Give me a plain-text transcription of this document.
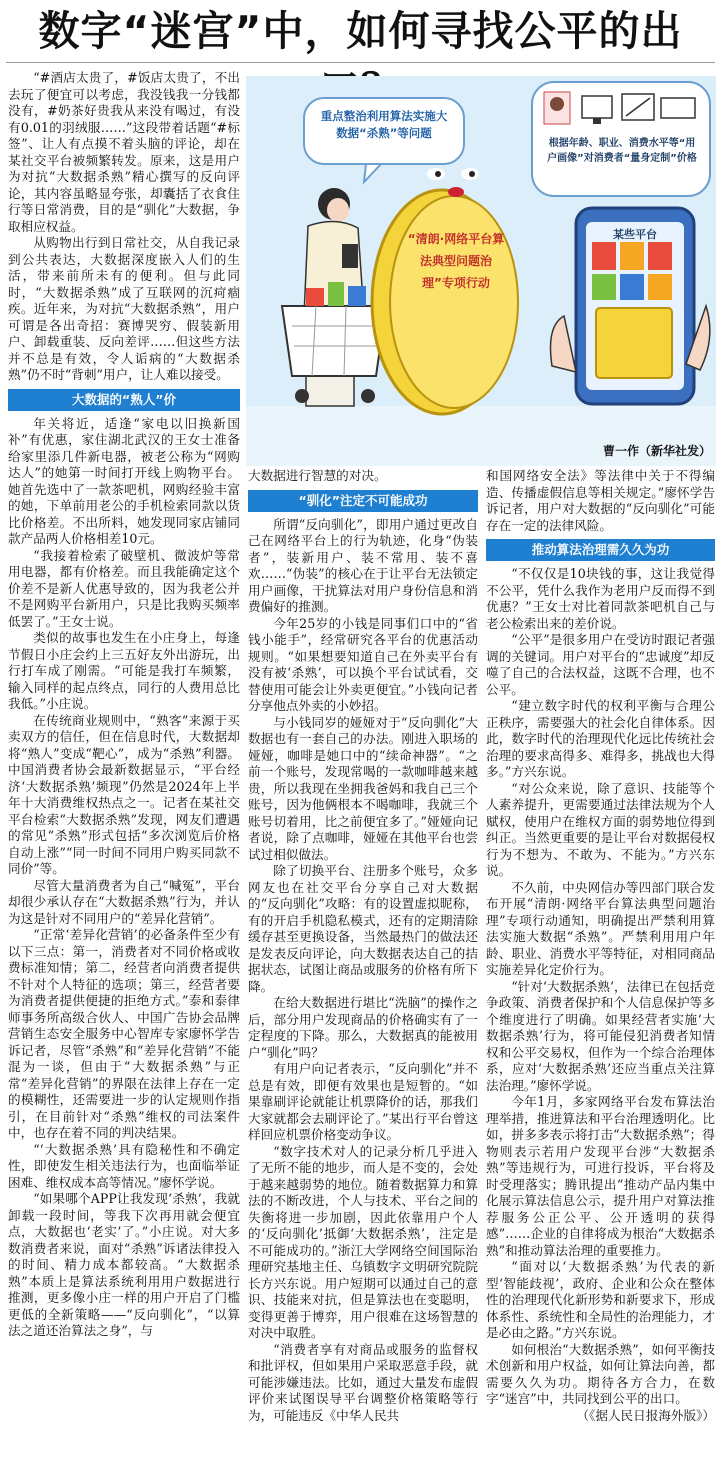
数字“迷宫”中，如何寻找公平的出
重点整治利用算法实施大数据“杀熟”等问题
根据年龄、职业、消费水平等“用户画像”对消费者“量身定制”价格
“清朗·网络平台算法典型问题治理”专项行动
某些平台
曹一作（新华社发）

“#酒店太贵了，#饭店太贵了，不出去玩了便宜可以考虑，我没钱我一分钱都没有，#奶茶好贵我从来没有喝过，有没有0.01的羽绒服……”这段带着话题“#标签”、让人有点摸不着头脑的评论，却在某社交平台被频繁转发。原来，这是用户为对抗“大数据杀熟”精心撰写的反向评论，其内容虽略显夸张，却囊括了衣食住行等日常消费，目的是“驯化”大数据，争取相应权益。

从购物出行到日常社交，从自我记录到公共表达，大数据深度嵌入人们的生活，带来前所未有的便利。但与此同时，“大数据杀熟”成了互联网的沉疴痼疾。近年来，为对抗“大数据杀熟”，用户可谓是各出奇招：赛博哭穷、假装新用户、卸载重装、反向差评……但这些方法并不总是有效，令人诟病的“大数据杀熟”仍不时“背刺”用户，让人难以接受。

大数据的“熟人”价

年关将近，适逢“家电以旧换新国补”有优惠，家住湖北武汉的王女士准备给家里添几件新电器，被老公称为“网购达人”的她第一时间打开线上购物平台。她首先选中了一款茶吧机，网购经验丰富的她，下单前用老公的手机检索同款以货比价格差。不出所料，她发现同家店铺同款产品两人价格相差10元。

“我接着检索了破壁机、微波炉等常用电器，都有价格差。而且我能确定这个价差不是新人优惠导致的，因为我老公并不是网购平台新用户，只是比我购买频率低罢了。”王女士说。

类似的故事也发生在小庄身上，每逢节假日小庄会约上三五好友外出游玩，出行打车成了刚需。“可能是我打车频繁，输入同样的起点终点，同行的人费用总比我低。”小庄说。

在传统商业规则中，“熟客”来源于买卖双方的信任，但在信息时代，大数据却将“熟人”变成“靶心”，成为“杀熟”利器。中国消费者协会最新数据显示，“平台经济‘大数据杀熟’频现”仍然是2024年上半年十大消费维权热点之一。记者在某社交平台检索“大数据杀熟”发现，网友们遭遇的常见“杀熟”形式包括“多次浏览后价格自动上涨”“同一时间不同用户购买同款不同价”等。

尽管大量消费者为自己“喊冤”，平台却很少承认存在“大数据杀熟”行为，并认为这是针对不同用户的“差异化营销”。

“正常‘差异化营销’的必备条件至少有以下三点：第一，消费者对不同价格或收费标准知情；第二，经营者向消费者提供不针对个人特征的选项；第三，经营者要为消费者提供便捷的拒绝方式。”泰和泰律师事务所高级合伙人、中国广告协会品牌营销生态安全服务中心智库专家廖怀学告诉记者，尽管“杀熟”和“差异化营销”不能混为一谈，但由于“大数据杀熟”与正常“差异化营销”的界限在法律上存在一定的模糊性，还需要进一步的认定规则作指引，在目前针对“杀熟”维权的司法案件中，也存在着不同的判决结果。

“‘大数据杀熟’具有隐秘性和不确定性，即使发生相关违法行为，也面临举证困难、维权成本高等情况。”廖怀学说。

“如果哪个APP让我发现‘杀熟’，我就卸载一段时间，等我下次再用就会便宜点，大数据也‘老实’了。”小庄说。对大多数消费者来说，面对“杀熟”诉诸法律投入的时间、精力成本都较高。“大数据杀熟”本质上是算法系统利用用户数据进行推测，更多像小庄一样的用户开启了门槛更低的全新策略——“反向驯化”，“以算法之道还治算法之身”，与

大数据进行智慧的对决。
“驯化”注定不可能成功

所谓“反向驯化”，即用户通过更改自己在网络平台上的行为轨迹，化身“伪装者”，装新用户、装不常用、装不喜欢……“伪装”的核心在于让平台无法锁定用户画像，干扰算法对用户身份信息和消费偏好的推测。

今年25岁的小钱是同事们口中的“省钱小能手”，经常研究各平台的优惠活动规则。“如果想要知道自己在外卖平台有没有被‘杀熟’，可以换个平台试试看，交替使用可能会让外卖更便宜。”小钱向记者分享他点外卖的小妙招。

与小钱同岁的娅娅对于“反向驯化”大数据也有一套自己的办法。刚进入职场的娅娅，咖啡是她口中的“续命神器”。“之前一个账号，发现常喝的一款咖啡越来越贵，所以我现在坐拥我爸妈和我自己三个账号，因为他俩根本不喝咖啡，我就三个账号切着用，比之前便宜多了。”娅娅向记者说，除了点咖啡，娅娅在其他平台也尝试过相似做法。

除了切换平台、注册多个账号，众多网友也在社交平台分享自己对大数据的“反向驯化”攻略：有的设置虚拟昵称，有的开启手机隐私模式，还有的定期清除缓存甚至更换设备，当然最热门的做法还是发表反向评论，向大数据表达自己的拮据状态，试图让商品或服务的价格有所下降。

在给大数据进行堪比“洗脑”的操作之后，部分用户发现商品的价格确实有了一定程度的下降。那么，大数据真的能被用户“驯化”吗？

有用户向记者表示，“反向驯化”并不总是有效，即便有效果也是短暂的。“如果靠刷评论就能让机票降价的话，那我们大家就都会去刷评论了。”某出行平台曾这样回应机票价格变动争议。

“数字技术对人的记录分析几乎进入了无所不能的地步，而人是不变的，会处于越来越弱势的地位。随着数据算力和算法的不断改进，个人与技术、平台之间的失衡将进一步加剧，因此依靠用户个人的‘反向驯化’抵御‘大数据杀熟’，注定是不可能成功的。”浙江大学网络空间国际治理研究基地主任、乌镇数字文明研究院院长方兴东说。用户短期可以通过自己的意识、技能来对抗，但是算法也在变聪明，变得更善于博弈，用户很难在这场智慧的对决中取胜。

“消费者享有对商品或服务的监督权和批评权，但如果用户采取恶意手段，就可能涉嫌违法。比如，通过大量发布虚假评价来试图误导平台调整价格策略等行为，可能违反《中华人民共

和国网络安全法》等法律中关于不得编造、传播虚假信息等相关规定。”廖怀学告诉记者，用户对大数据的“反向驯化”可能存在一定的法律风险。
推动算法治理需久久为功

“不仅仅是10块钱的事，这让我觉得不公平，凭什么我作为老用户反而得不到优惠？”王女士对比着同款茶吧机自己与老公检索出来的差价说。

“公平”是很多用户在受访时跟记者强调的关键词。用户对平台的“忠诚度”却反噬了自己的合法权益，这既不合理，也不公平。

“建立数字时代的权利平衡与合理公正秩序，需要强大的社会化自律体系。因此，数字时代的治理现代化远比传统社会治理的要求高得多、难得多，挑战也大得多。”方兴东说。

“对公众来说，除了意识、技能等个人素养提升，更需要通过法律法规为个人赋权，使用户在维权方面的弱势地位得到纠正。当然更重要的是让平台对数据侵权行为不想为、不敢为、不能为。”方兴东说。

不久前，中央网信办等四部门联合发布开展“清朗·网络平台算法典型问题治理”专项行动通知，明确提出严禁利用算法实施大数据“杀熟”。严禁利用用户年龄、职业、消费水平等特征，对相同商品实施差异化定价行为。

“针对‘大数据杀熟’，法律已在包括竞争政策、消费者保护和个人信息保护等多个维度进行了明确。如果经营者实施‘大数据杀熟’行为，将可能侵犯消费者知情权和公平交易权，但作为一个综合治理体系，应对‘大数据杀熟’还应当重点关注算法治理。”廖怀学说。

今年1月，多家网络平台发布算法治理举措，推进算法和平台治理透明化。比如，拼多多表示将打击“大数据杀熟”；得物则表示若用户发现平台涉“大数据杀熟”等违规行为，可进行投诉，平台将及时受理落实；腾讯提出“推动产品内集中化展示算法信息公示，提升用户对算法推荐服务公正公平、公开透明的获得感”……企业的自律将成为根治“大数据杀熟”和推动算法治理的重要推力。

“面对以‘大数据杀熟’为代表的新型‘智能歧视’，政府、企业和公众在整体性的治理现代化新形势和新要求下，形成体系性、系统性和全局性的治理能力，才是必由之路。”方兴东说。

如何根治“大数据杀熟”，如何平衡技术创新和用户权益，如何让算法向善，都需要久久为功。期待各方合力，在数字“迷宫”中，共同找到公平的出口。

（《据人民日报海外版》）
